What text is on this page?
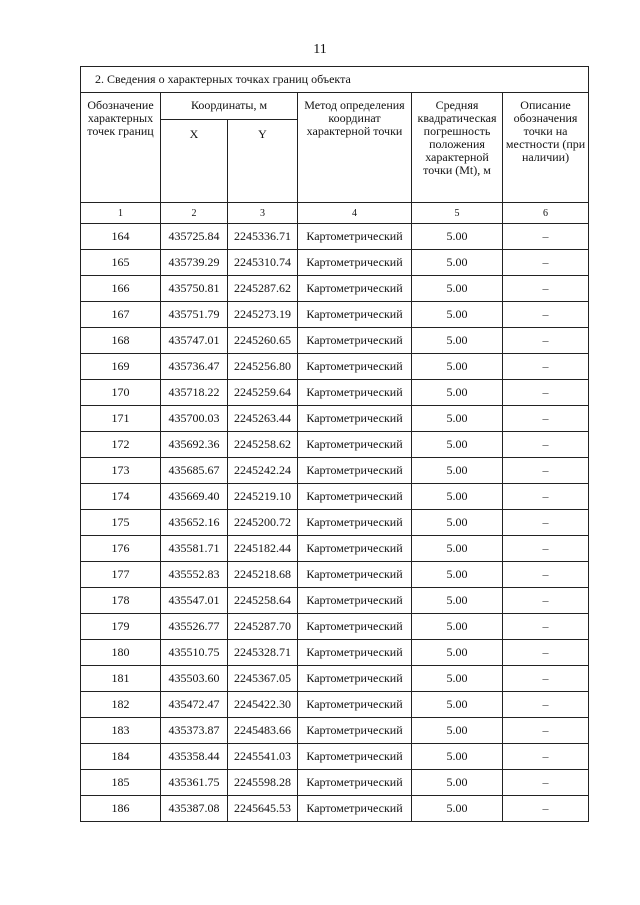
11
2. Сведения о характерных точках границ объекта					
Обозначение характерных точек границ	Координаты, м		Метод определения координат характерной точки	Средняя квадратическая погрешность положения характерной точки (Mt), м	Описание обозначения точки на местности (при наличии)
	X	Y			
1	2	3	4	5	6
164	435725.84	2245336.71	Картометрический	5.00	–
165	435739.29	2245310.74	Картометрический	5.00	–
166	435750.81	2245287.62	Картометрический	5.00	–
167	435751.79	2245273.19	Картометрический	5.00	–
168	435747.01	2245260.65	Картометрический	5.00	–
169	435736.47	2245256.80	Картометрический	5.00	–
170	435718.22	2245259.64	Картометрический	5.00	–
171	435700.03	2245263.44	Картометрический	5.00	–
172	435692.36	2245258.62	Картометрический	5.00	–
173	435685.67	2245242.24	Картометрический	5.00	–
174	435669.40	2245219.10	Картометрический	5.00	–
175	435652.16	2245200.72	Картометрический	5.00	–
176	435581.71	2245182.44	Картометрический	5.00	–
177	435552.83	2245218.68	Картометрический	5.00	–
178	435547.01	2245258.64	Картометрический	5.00	–
179	435526.77	2245287.70	Картометрический	5.00	–
180	435510.75	2245328.71	Картометрический	5.00	–
181	435503.60	2245367.05	Картометрический	5.00	–
182	435472.47	2245422.30	Картометрический	5.00	–
183	435373.87	2245483.66	Картометрический	5.00	–
184	435358.44	2245541.03	Картометрический	5.00	–
185	435361.75	2245598.28	Картометрический	5.00	–
186	435387.08	2245645.53	Картометрический	5.00	–
